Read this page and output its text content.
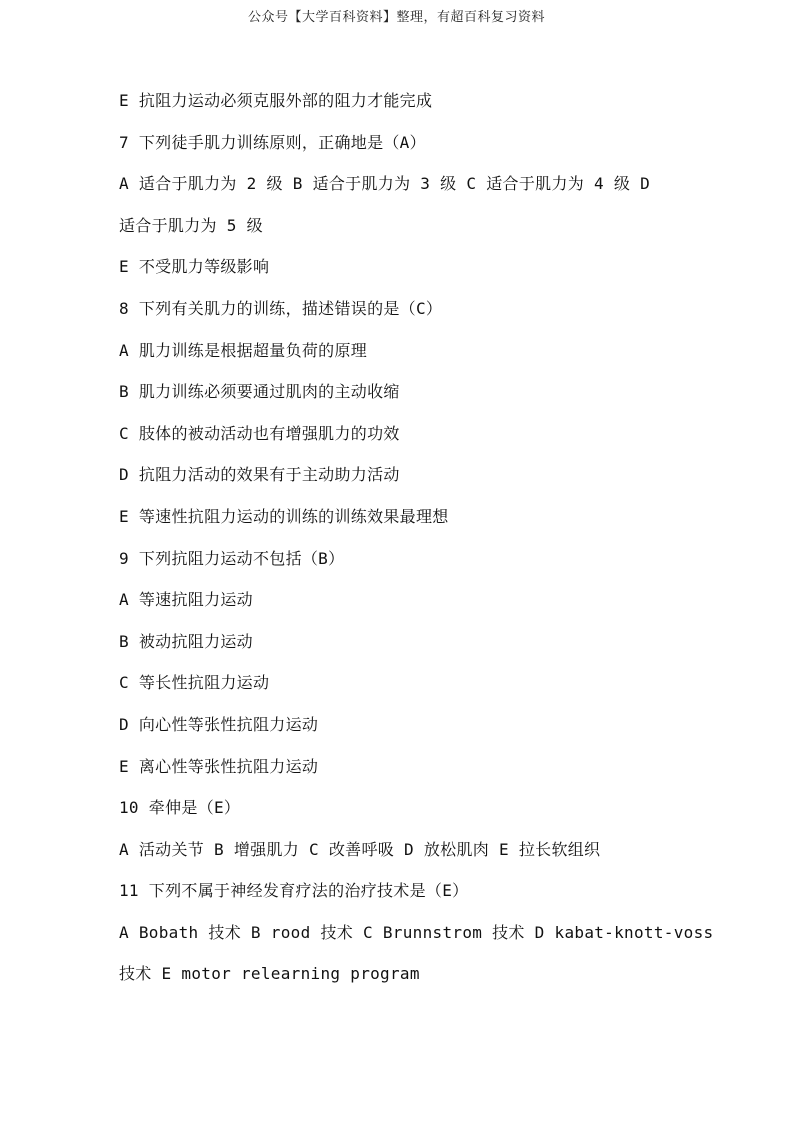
公众号【大学百科资料】整理，有超百科复习资料
E 抗阻力运动必须克服外部的阻力才能完成
7 下列徒手肌力训练原则，正确地是（A）
A 适合于肌力为 2 级 B 适合于肌力为 3 级 C 适合于肌力为 4 级 D
适合于肌力为 5 级
E 不受肌力等级影响
8 下列有关肌力的训练，描述错误的是（C）
A 肌力训练是根据超量负荷的原理
B 肌力训练必须要通过肌肉的主动收缩
C 肢体的被动活动也有增强肌力的功效
D 抗阻力活动的效果有于主动助力活动
E 等速性抗阻力运动的训练的训练效果最理想
9 下列抗阻力运动不包括（B）
A 等速抗阻力运动
B 被动抗阻力运动
C 等长性抗阻力运动
D 向心性等张性抗阻力运动
E 离心性等张性抗阻力运动
10 牵伸是（E）
A 活动关节 B 增强肌力 C 改善呼吸 D 放松肌肉 E 拉长软组织
11 下列不属于神经发育疗法的治疗技术是（E）
A Bobath 技术 B rood 技术 C Brunnstrom 技术 D kabat-knott-voss
技术 E motor relearning program
